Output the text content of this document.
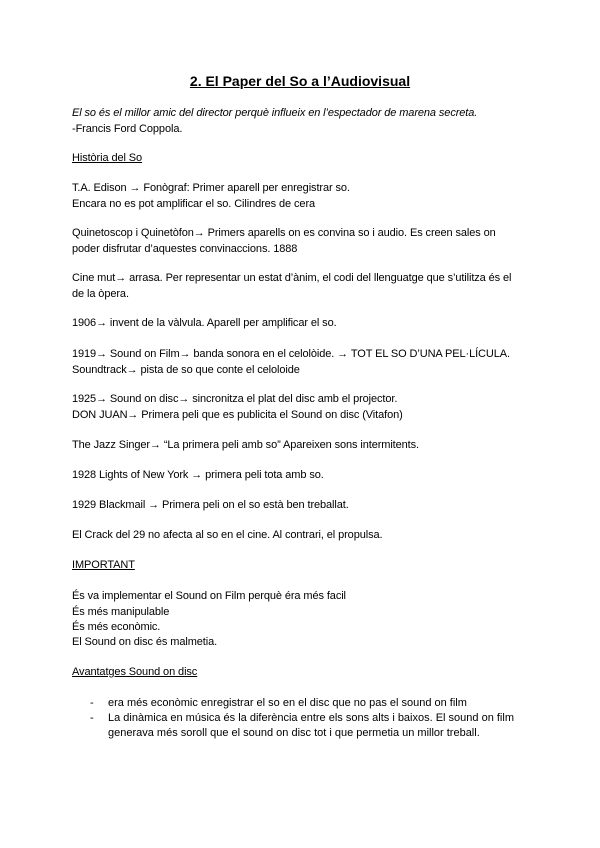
2. El Paper del So a l’Audiovisual
El so és el millor amic del director perquè influeix en l’espectador de marena secreta.
-Francis Ford Coppola.
Història del So
T.A. Edison → Fonògraf: Primer aparell per enregistrar so.
Encara no es pot amplificar el so. Cilindres de cera
Quinetoscop i Quinetòfon→ Primers aparells on es convina so i audio. Es creen sales on
poder disfrutar d’aquestes convinaccions. 1888
Cine mut→ arrasa. Per representar un estat d’ànim, el codi del llenguatge que s’utilitza és el
de la òpera.
1906→ invent de la vàlvula. Aparell per amplificar el so.
1919→ Sound on Film→ banda sonora en el celolòide. → TOT EL SO D’UNA PEL·LÍCULA.
Soundtrack→ pista de so que conte el celoloide
1925→ Sound on disc→ sincronitza el plat del disc amb el projector.
DON JUAN→ Primera peli que es publicita el Sound on disc (Vitafon)
The Jazz Singer→ “La primera peli amb so” Apareixen sons intermitents.
1928 Lights of New York → primera peli tota amb so.
1929 Blackmail → Primera peli on el so està ben treballat.
El Crack del 29 no afecta al so en el cine. Al contrari, el propulsa.
IMPORTANT
És va implementar el Sound on Film perquè éra més facil
És més manipulable
És més econòmic.
El Sound on disc és malmetia.
Avantatges Sound on disc
- era més econòmic enregistrar el so en el disc que no pas el sound on film
- La dinàmica en música és la diferència entre els sons alts i baixos. El sound on film
generava més soroll que el sound on disc tot i que permetia un millor treball.
